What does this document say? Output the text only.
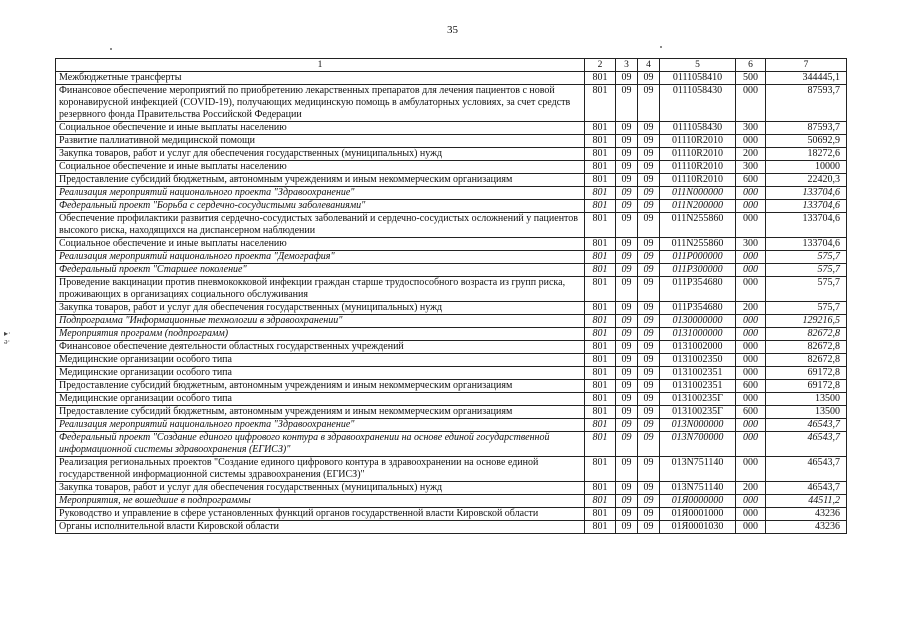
35
▸·
ǝ·
1	2	3	4	5	6	7
Межбюджетные трансферты	801	09	09	0111058410	500	344445,1
Финансовое обеспечение мероприятий по приобретению лекарственных препаратов для лечения пациентов с новой коронавирусной инфекцией (COVID-19), получающих медицинскую помощь в амбулаторных условиях, за счет средств резервного фонда Правительства Российской Федерации	801	09	09	0111058430	000	87593,7
Социальное обеспечение и иные выплаты населению	801	09	09	0111058430	300	87593,7
Развитие паллиативной медицинской помощи	801	09	09	01110R2010	000	50692,9
Закупка товаров, работ и услуг для обеспечения государственных (муниципальных) нужд	801	09	09	01110R2010	200	18272,6
Социальное обеспечение и иные выплаты населению	801	09	09	01110R2010	300	10000
Предоставление субсидий бюджетным, автономным учреждениям и иным некоммерческим организациям	801	09	09	01110R2010	600	22420,3
Реализация мероприятий национального проекта "Здравоохранение"	801	09	09	011N000000	000	133704,6
Федеральный проект "Борьба с сердечно-сосудистыми заболеваниями"	801	09	09	011N200000	000	133704,6
Обеспечение профилактики развития сердечно-сосудистых заболеваний и сердечно-сосудистых осложнений у пациентов высокого риска, находящихся на диспансерном наблюдении	801	09	09	011N255860	000	133704,6
Социальное обеспечение и иные выплаты населению	801	09	09	011N255860	300	133704,6
Реализация мероприятий национального проекта "Демография"	801	09	09	011P000000	000	575,7
Федеральный проект "Старшее поколение"	801	09	09	011P300000	000	575,7
Проведение вакцинации против пневмококковой инфекции граждан старше трудоспособного возраста из групп риска, проживающих в организациях социального обслуживания	801	09	09	011P354680	000	575,7
Закупка товаров, работ и услуг для обеспечения государственных (муниципальных) нужд	801	09	09	011P354680	200	575,7
Подпрограмма "Информационные технологии в здравоохранении"	801	09	09	0130000000	000	129216,5
Мероприятия программ (подпрограмм)	801	09	09	0131000000	000	82672,8
Финансовое обеспечение деятельности областных государственных учреждений	801	09	09	0131002000	000	82672,8
Медицинские организации особого типа	801	09	09	0131002350	000	82672,8
Медицинские организации особого типа	801	09	09	0131002351	000	69172,8
Предоставление субсидий бюджетным, автономным учреждениям и иным некоммерческим организациям	801	09	09	0131002351	600	69172,8
Медицинские организации особого типа	801	09	09	013100235Г	000	13500
Предоставление субсидий бюджетным, автономным учреждениям и иным некоммерческим организациям	801	09	09	013100235Г	600	13500
Реализация мероприятий национального проекта "Здравоохранение"	801	09	09	013N000000	000	46543,7
Федеральный проект "Создание единого цифрового контура в здравоохранении на основе единой государственной информационной системы здравоохранения (ЕГИСЗ)"	801	09	09	013N700000	000	46543,7
Реализация региональных проектов "Создание единого цифрового контура в здравоохранении на основе единой государственной информационной системы здравоохранения (ЕГИСЗ)"	801	09	09	013N751140	000	46543,7
Закупка товаров, работ и услуг для обеспечения государственных (муниципальных) нужд	801	09	09	013N751140	200	46543,7
Мероприятия, не вошедшие в подпрограммы	801	09	09	01Я0000000	000	44511,2
Руководство и управление в сфере установленных функций органов государственной власти Кировской области	801	09	09	01Я0001000	000	43236
Органы исполнительной власти Кировской области	801	09	09	01Я0001030	000	43236
